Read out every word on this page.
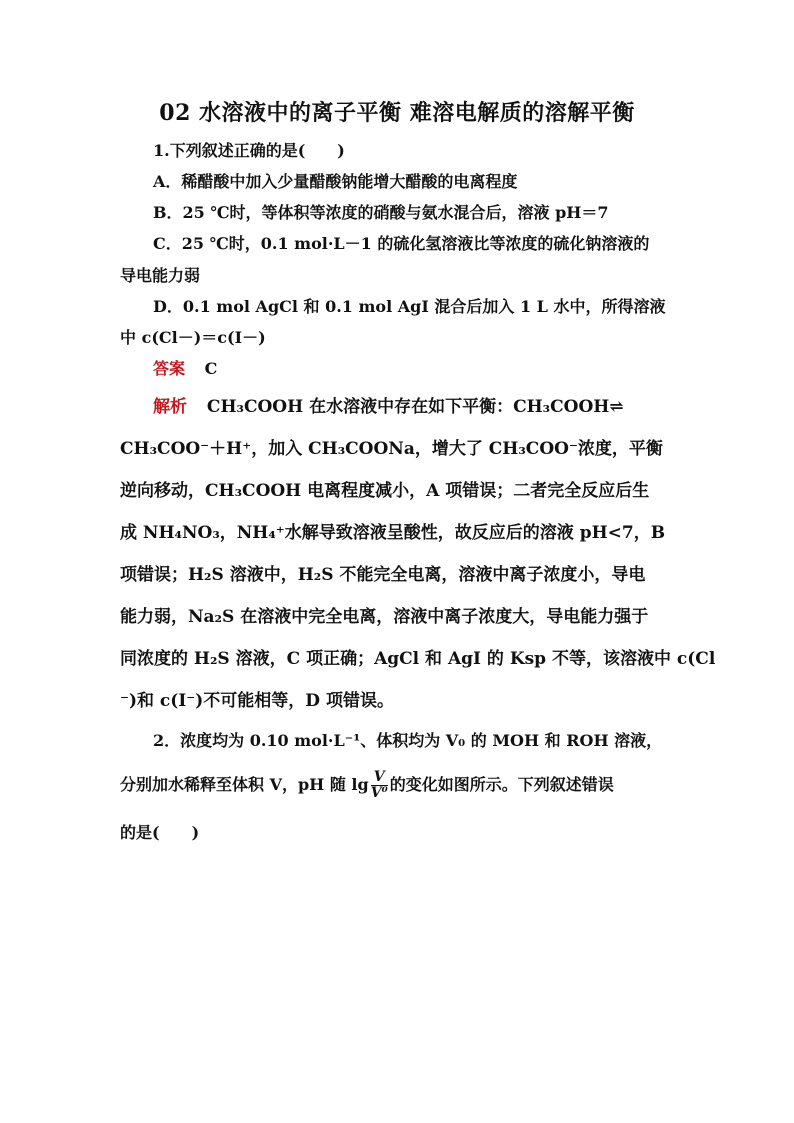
02 水溶液中的离子平衡 难溶电解质的溶解平衡
1.下列叙述正确的是(　　)
A．稀醋酸中加入少量醋酸钠能增大醋酸的电离程度
B．25 ℃时，等体积等浓度的硝酸与氨水混合后，溶液 pH＝7
C．25 ℃时，0.1 mol·L－1 的硫化氢溶液比等浓度的硫化钠溶液的
导电能力弱
D．0.1 mol AgCl 和 0.1 mol AgI 混合后加入 1 L 水中，所得溶液
中 c(Cl－)＝c(I－)
答案 C
解析 CH₃COOH 在水溶液中存在如下平衡：CH₃COOH⇌
CH₃COO⁻＋H⁺，加入 CH₃COONa，增大了 CH₃COO⁻浓度，平衡
逆向移动，CH₃COOH 电离程度减小，A 项错误；二者完全反应后生
成 NH₄NO₃，NH₄⁺水解导致溶液呈酸性，故反应后的溶液 pH<7，B
项错误；H₂S 溶液中，H₂S 不能完全电离，溶液中离子浓度小，导电
能力弱，Na₂S 在溶液中完全电离，溶液中离子浓度大，导电能力强于
同浓度的 H₂S 溶液，C 项正确；AgCl 和 AgI 的 Ksp 不等，该溶液中 c(Cl
⁻)和 c(I⁻)不可能相等，D 项错误。
2．浓度均为 0.10 mol·L⁻¹、体积均为 V₀ 的 MOH 和 ROH 溶液，
分别加水稀释至体积 V，pH 随 $\lg \frac{V}{\text{V⁰}}$ 的变化如图所示。下列叙述错误
的是(　　)
